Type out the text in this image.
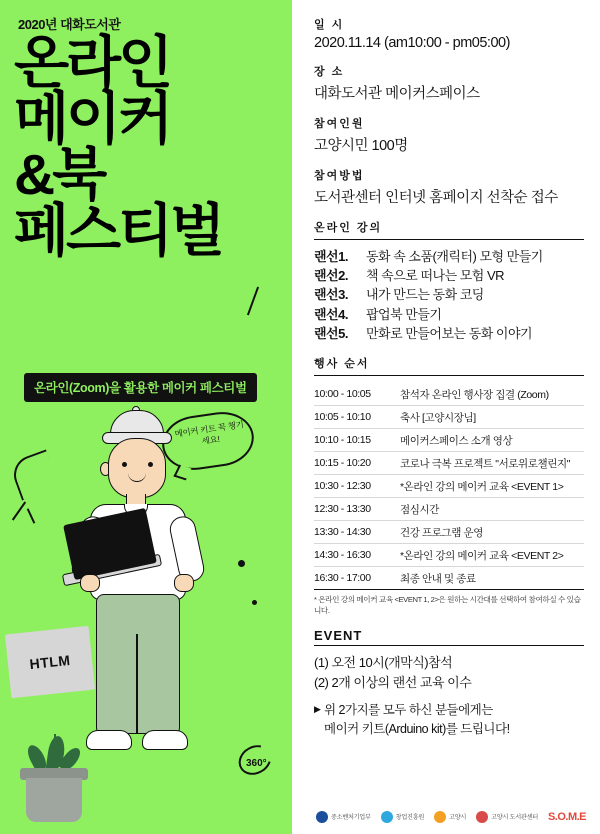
2020년 대화도서관
온라인
메이커
&북
페스티벌
온라인(Zoom)을 활용한 메이커 페스티벌
메이커 키트 꼭 챙기세요!
HTLM
360°
일 시
2020.11.14 (am10:00 - pm05:00)
장 소
대화도서관 메이커스페이스
참여인원
고양시민 100명
참여방법
도서관센터 인터넷 홈페이지 선착순 접수
온라인 강의
랜선1.	동화 속 소품(캐릭터) 모형 만들기
랜선2.	책 속으로 떠나는 모험 VR
랜선3.	내가 만드는 동화 코딩
랜선4.	팝업북 만들기
랜선5.	만화로 만들어보는 동화 이야기
행사 순서
10:00 - 10:05	참석자 온라인 행사장 집결 (Zoom)
10:05 - 10:10	축사 [고양시장님]
10:10 - 10:15	메이커스페이스 소개 영상
10:15 - 10:20	코로나 극복 프로젝트 "서로위로챌린지"
10:30 - 12:30	*온라인 강의 메이커 교육 <EVENT 1>
12:30 - 13:30	점심시간
13:30 - 14:30	건강 프로그램 운영
14:30 - 16:30	*온라인 강의 메이커 교육 <EVENT 2>
16:30 - 17:00	최종 안내 및 종료
* 온라인 강의 메이커 교육 <EVENT 1, 2>은 원하는 시간대를 선택하여 참여하실 수 있습니다.
EVENT
(1) 오전 10시(개막식)참석
(2) 2개 이상의 랜선 교육 이수
▶ 위 2가지를 모두 하신 분들에게는
메이커 키트(Arduino kit)를 드립니다!
중소벤처기업부	창업진흥원	고양시	고양시 도서관센터 S.O.M.E
